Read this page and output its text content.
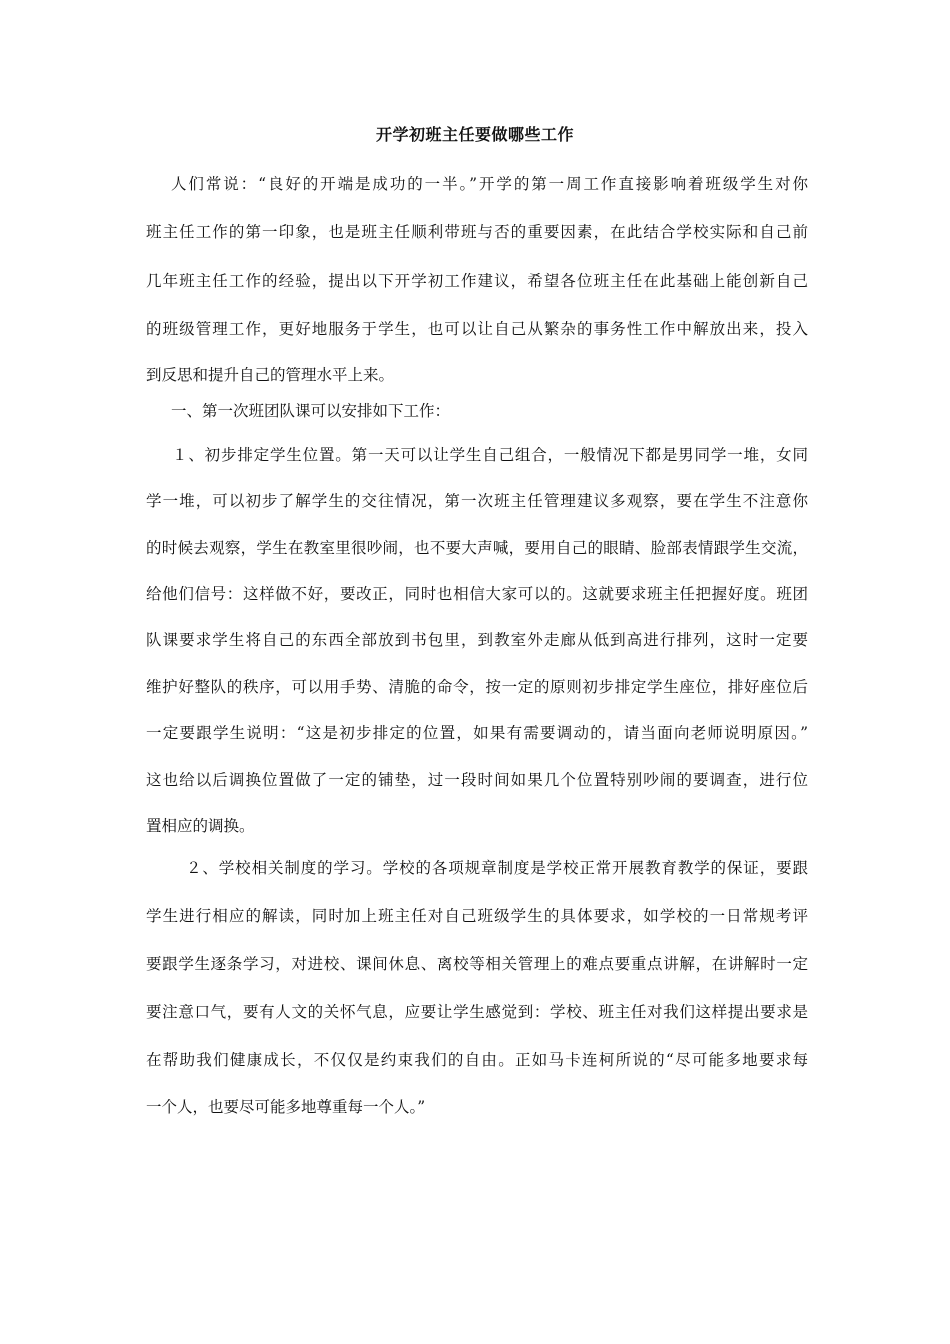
开学初班主任要做哪些工作
人们常说：“良好的开端是成功的一半。”开学的第一周工作直接影响着班级学生对你
班主任工作的第一印象，也是班主任顺利带班与否的重要因素，在此结合学校实际和自己前
几年班主任工作的经验，提出以下开学初工作建议，希望各位班主任在此基础上能创新自己
的班级管理工作，更好地服务于学生，也可以让自己从繁杂的事务性工作中解放出来，投入
到反思和提升自己的管理水平上来。
一、第一次班团队课可以安排如下工作：
１、初步排定学生位置。第一天可以让学生自己组合，一般情况下都是男同学一堆，女同
学一堆，可以初步了解学生的交往情况，第一次班主任管理建议多观察，要在学生不注意你
的时候去观察，学生在教室里很吵闹，也不要大声喊，要用自己的眼睛、脸部表情跟学生交流，
给他们信号：这样做不好，要改正，同时也相信大家可以的。这就要求班主任把握好度。班团
队课要求学生将自己的东西全部放到书包里，到教室外走廊从低到高进行排列，这时一定要
维护好整队的秩序，可以用手势、清脆的命令，按一定的原则初步排定学生座位，排好座位后
一定要跟学生说明：“这是初步排定的位置，如果有需要调动的，请当面向老师说明原因。”
这也给以后调换位置做了一定的铺垫，过一段时间如果几个位置特别吵闹的要调查，进行位
置相应的调换。
２、学校相关制度的学习。学校的各项规章制度是学校正常开展教育教学的保证，要跟
学生进行相应的解读，同时加上班主任对自己班级学生的具体要求，如学校的一日常规考评
要跟学生逐条学习，对进校、课间休息、离校等相关管理上的难点要重点讲解，在讲解时一定
要注意口气，要有人文的关怀气息，应要让学生感觉到：学校、班主任对我们这样提出要求是
在帮助我们健康成长，不仅仅是约束我们的自由。正如马卡连柯所说的“尽可能多地要求每
一个人，也要尽可能多地尊重每一个人。”
